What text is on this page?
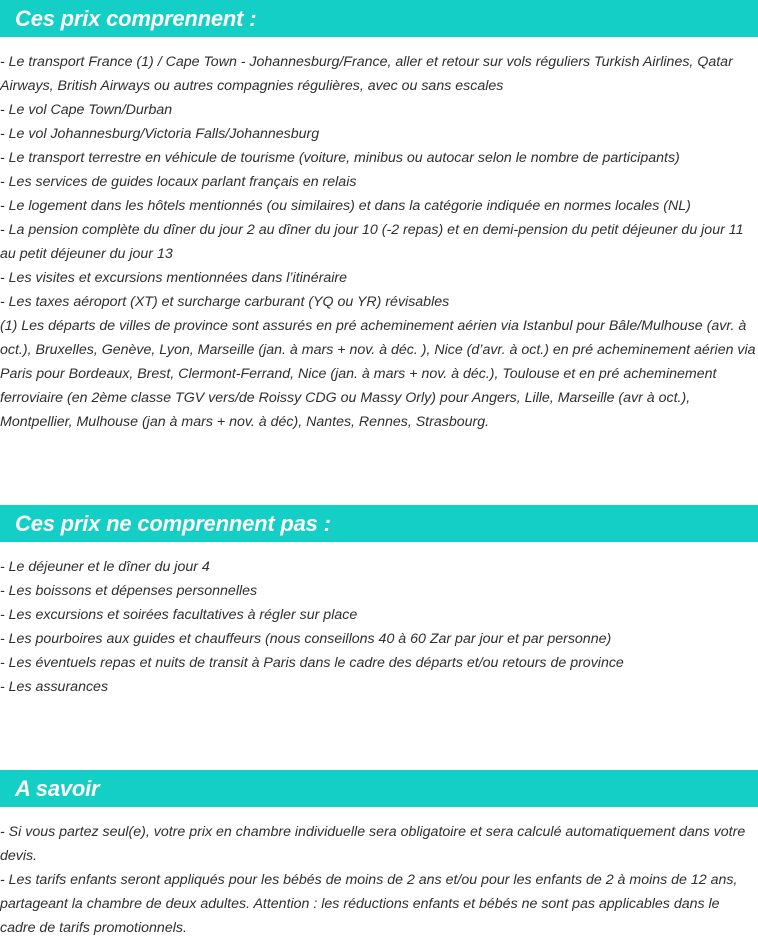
Ces prix comprennent :

- Le transport France (1) / Cape Town - Johannesburg/France, aller et retour sur vols réguliers Turkish Airlines, Qatar Airways, British Airways ou autres compagnies régulières, avec ou sans escales

- Le vol Cape Town/Durban

- Le vol Johannesburg/Victoria Falls/Johannesburg

- Le transport terrestre en véhicule de tourisme (voiture, minibus ou autocar selon le nombre de participants)

- Les services de guides locaux parlant français en relais

- Le logement dans les hôtels mentionnés (ou similaires) et dans la catégorie indiquée en normes locales (NL)

- La pension complète du dîner du jour 2 au dîner du jour 10 (-2 repas) et en demi-pension du petit déjeuner du jour 11 au petit déjeuner du jour 13

- Les visites et excursions mentionnées dans l’itinéraire

- Les taxes aéroport (XT) et surcharge carburant (YQ ou YR) révisables

(1) Les départs de villes de province sont assurés en pré acheminement aérien via Istanbul pour Bâle/Mulhouse (avr. à oct.), Bruxelles, Genève, Lyon, Marseille (jan. à mars + nov. à déc. ), Nice (d’avr. à oct.) en pré acheminement aérien via Paris pour Bordeaux, Brest, Clermont-Ferrand, Nice (jan. à mars + nov. à déc.), Toulouse et en pré acheminement ferroviaire (en 2ème classe TGV vers/de Roissy CDG ou Massy Orly) pour Angers, Lille, Marseille (avr à oct.), Montpellier, Mulhouse (jan à mars + nov. à déc), Nantes, Rennes, Strasbourg.

Ces prix ne comprennent pas :

- Le déjeuner et le dîner du jour 4

- Les boissons et dépenses personnelles

- Les excursions et soirées facultatives à régler sur place

- Les pourboires aux guides et chauffeurs (nous conseillons 40 à 60 Zar par jour et par personne)

- Les éventuels repas et nuits de transit à Paris dans le cadre des départs et/ou retours de province

- Les assurances

A savoir

- Si vous partez seul(e), votre prix en chambre individuelle sera obligatoire et sera calculé automatiquement dans votre devis.

- Les tarifs enfants seront appliqués pour les bébés de moins de 2 ans et/ou pour les enfants de 2 à moins de 12 ans, partageant la chambre de deux adultes. Attention : les réductions enfants et bébés ne sont pas applicables dans le cadre de tarifs promotionnels.
